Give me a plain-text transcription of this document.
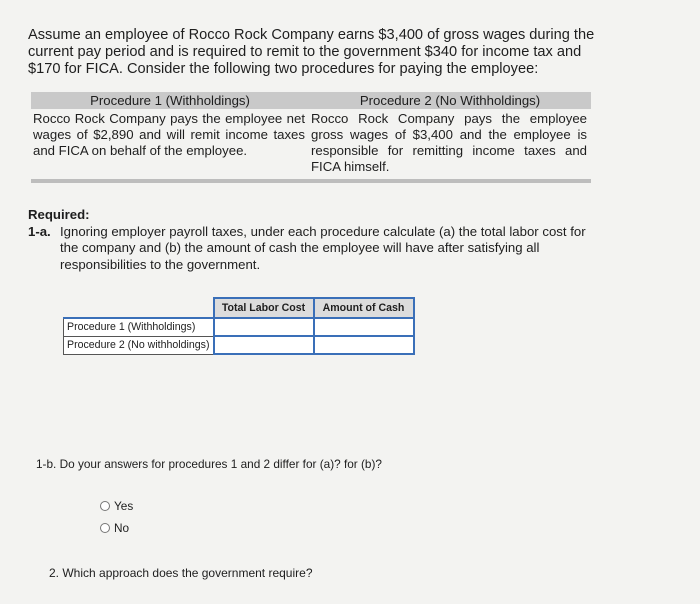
Assume an employee of Rocco Rock Company earns $3,400 of gross wages during the current pay period and is required to remit to the government $340 for income tax and $170 for FICA. Consider the following two procedures for paying the employee:
Procedure 1 (Withholdings)	Procedure 2 (No Withholdings)
Rocco Rock Company pays the employee net wages of $2,890 and will remit income taxes and FICA on behalf of the employee.	Rocco Rock Company pays the employee gross wages of $3,400 and the employee is responsible for remitting income taxes and FICA himself.
Required:
1-a. Ignoring employer payroll taxes, under each procedure calculate (a) the total labor cost for the company and (b) the amount of cash the employee will have after satisfying all responsibilities to the government.
	Total Labor Cost	Amount of Cash
Procedure 1 (Withholdings)		
Procedure 2 (No withholdings)		
1-b. Do your answers for procedures 1 and 2 differ for (a)? for (b)?
Yes
No
2. Which approach does the government require?
